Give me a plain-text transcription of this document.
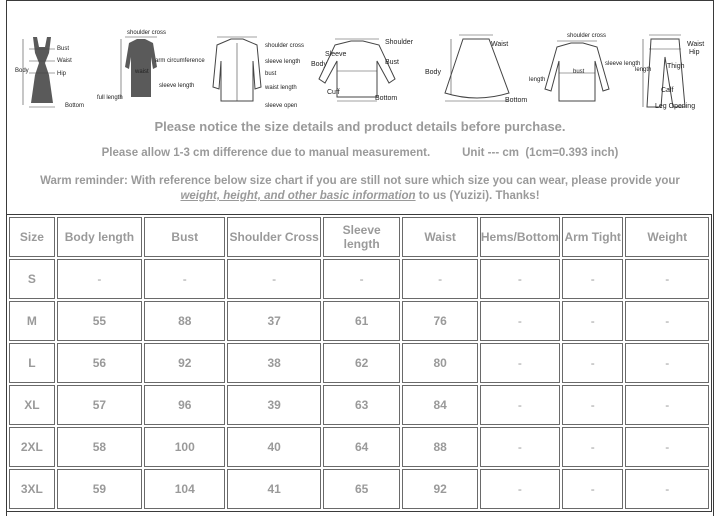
Bust
Waist
Body	Hip
Bottom
shoulder cross
arm circumference
waist
sleeve length
full length
shoulder cross
sleeve length
bust
waist length
sleeve open
Shoulder
Sleeve
Body	Bust
Cuff
Bottom
Waist
Body
Bottom
shoulder cross
sleeve length
bust
length
Waist
Hip
Thigh
length
Calf
Leg Opening
Please notice the size details and product details before purchase.
Please allow 1-3 cm difference due to manual measurement.	Unit --- cm  (1cm=0.393 inch)
Warm reminder: With reference below size chart if you are still not sure which size you can wear, please provide your weight, height, and other basic information to us (Yuzizi). Thanks!
Size	Body length	Bust	Shoulder Cross	Sleeve length	Waist	Hems/Bottom	Arm Tight	Weight
S	-	-	-	-	-	-	-	-
M	55	88	37	61	76	-	-	-
L	56	92	38	62	80	-	-	-
XL	57	96	39	63	84	-	-	-
2XL	58	100	40	64	88	-	-	-
3XL	59	104	41	65	92	-	-	-
